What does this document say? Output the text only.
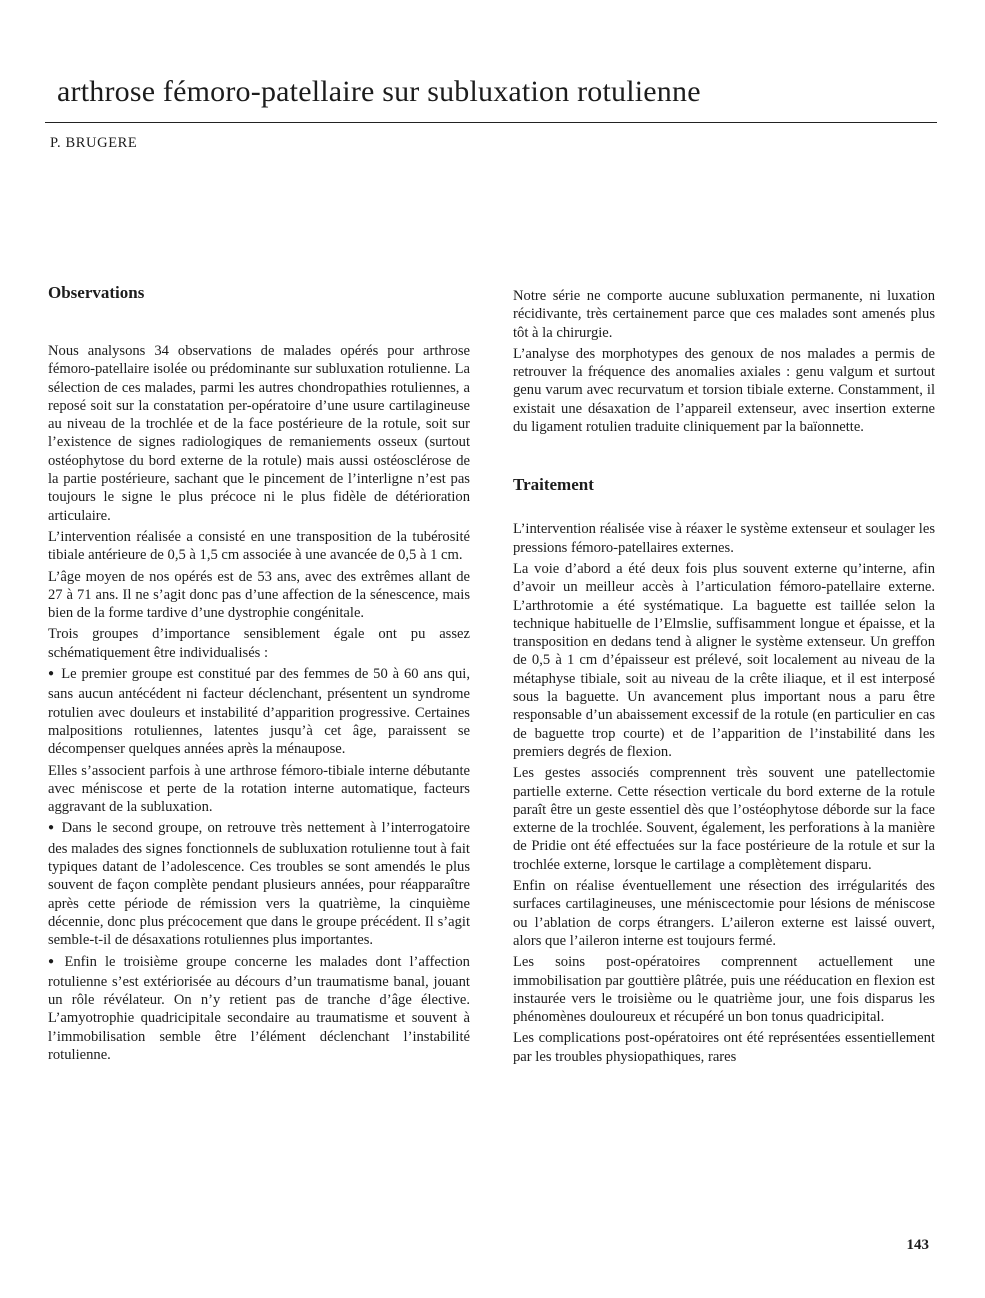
arthrose fémoro-patellaire sur subluxation rotulienne
P. BRUGERE
Observations

Nous analysons 34 observations de malades opérés pour arthrose fémoro-patellaire isolée ou prédominante sur subluxation rotulienne. La sélection de ces malades, parmi les autres chondropathies rotuliennes, a reposé soit sur la constatation per-opératoire d’une usure cartilagineuse au niveau de la trochlée et de la face postérieure de la rotule, soit sur l’existence de signes radiologiques de remaniements osseux (surtout ostéophytose du bord externe de la rotule) mais aussi ostéosclérose de la partie postérieure, sachant que le pincement de l’interligne n’est pas toujours le signe le plus précoce ni le plus fidèle de détérioration articulaire.

L’intervention réalisée a consisté en une transposition de la tubérosité tibiale antérieure de 0,5 à 1,5 cm associée à une avancée de 0,5 à 1 cm.

L’âge moyen de nos opérés est de 53 ans, avec des extrêmes allant de 27 à 71 ans. Il ne s’agit donc pas d’une affection de la sénescence, mais bien de la forme tardive d’une dystrophie congénitale.

Trois groupes d’importance sensiblement égale ont pu assez schématiquement être individualisés :

● Le premier groupe est constitué par des femmes de 50 à 60 ans qui, sans aucun antécédent ni facteur déclenchant, présentent un syndrome rotulien avec douleurs et instabilité d’apparition progressive. Certaines malpositions rotuliennes, latentes jusqu’à cet âge, paraissent se décompenser quelques années après la ménaupose.

Elles s’associent parfois à une arthrose fémoro-tibiale interne débutante avec méniscose et perte de la rotation interne automatique, facteurs aggravant de la subluxation.

● Dans le second groupe, on retrouve très nettement à l’interrogatoire des malades des signes fonctionnels de subluxation rotulienne tout à fait typiques datant de l’adolescence. Ces troubles se sont amendés le plus souvent de façon complète pendant plusieurs années, pour réapparaître après cette période de rémission vers la quatrième, la cinquième décennie, donc plus précocement que dans le groupe précédent. Il s’agit semble-t-il de désaxations rotuliennes plus importantes.

● Enfin le troisième groupe concerne les malades dont l’affection rotulienne s’est extériorisée au décours d’un traumatisme banal, jouant un rôle révélateur. On n’y retient pas de tranche d’âge élective. L’amyotrophie quadricipitale secondaire au traumatisme et souvent à l’immobilisation semble être l’élément déclenchant l’instabilité rotulienne.

Notre série ne comporte aucune subluxation permanente, ni luxation récidivante, très certainement parce que ces malades sont amenés plus tôt à la chirurgie.

L’analyse des morphotypes des genoux de nos malades a permis de retrouver la fréquence des anomalies axiales : genu valgum et surtout genu varum avec recurvatum et torsion tibiale externe. Constamment, il existait une désaxation de l’appareil extenseur, avec insertion externe du ligament rotulien traduite cliniquement par la baïonnette.

Traitement

L’intervention réalisée vise à réaxer le système extenseur et soulager les pressions fémoro-patellaires externes.

La voie d’abord a été deux fois plus souvent externe qu’interne, afin d’avoir un meilleur accès à l’articulation fémoro-patellaire externe. L’arthrotomie a été systématique. La baguette est taillée selon la technique habituelle de l’Elmslie, suffisamment longue et épaisse, et la transposition en dedans tend à aligner le système extenseur. Un greffon de 0,5 à 1 cm d’épaisseur est prélevé, soit localement au niveau de la métaphyse tibiale, soit au niveau de la crête iliaque, et il est interposé sous la baguette. Un avancement plus important nous a paru être responsable d’un abaissement excessif de la rotule (en particulier en cas de baguette trop courte) et de l’apparition de l’instabilité dans les premiers degrés de flexion.

Les gestes associés comprennent très souvent une patellectomie partielle externe. Cette résection verticale du bord externe de la rotule paraît être un geste essentiel dès que l’ostéophytose déborde sur la face externe de la trochlée. Souvent, également, les perforations à la manière de Pridie ont été effectuées sur la face postérieure de la rotule et sur la trochlée externe, lorsque le cartilage a complètement disparu.

Enfin on réalise éventuellement une résection des irrégularités des surfaces cartilagineuses, une méniscectomie pour lésions de méniscose ou l’ablation de corps étrangers. L’aileron externe est laissé ouvert, alors que l’aileron interne est toujours fermé.

Les soins post-opératoires comprennent actuellement une immobilisation par gouttière plâtrée, puis une rééducation en flexion est instaurée vers le troisième ou le quatrième jour, une fois disparus les phénomènes douloureux et récupéré un bon tonus quadricipital.

Les complications post-opératoires ont été représentées essentiellement par les troubles physiopathiques, rares

143
